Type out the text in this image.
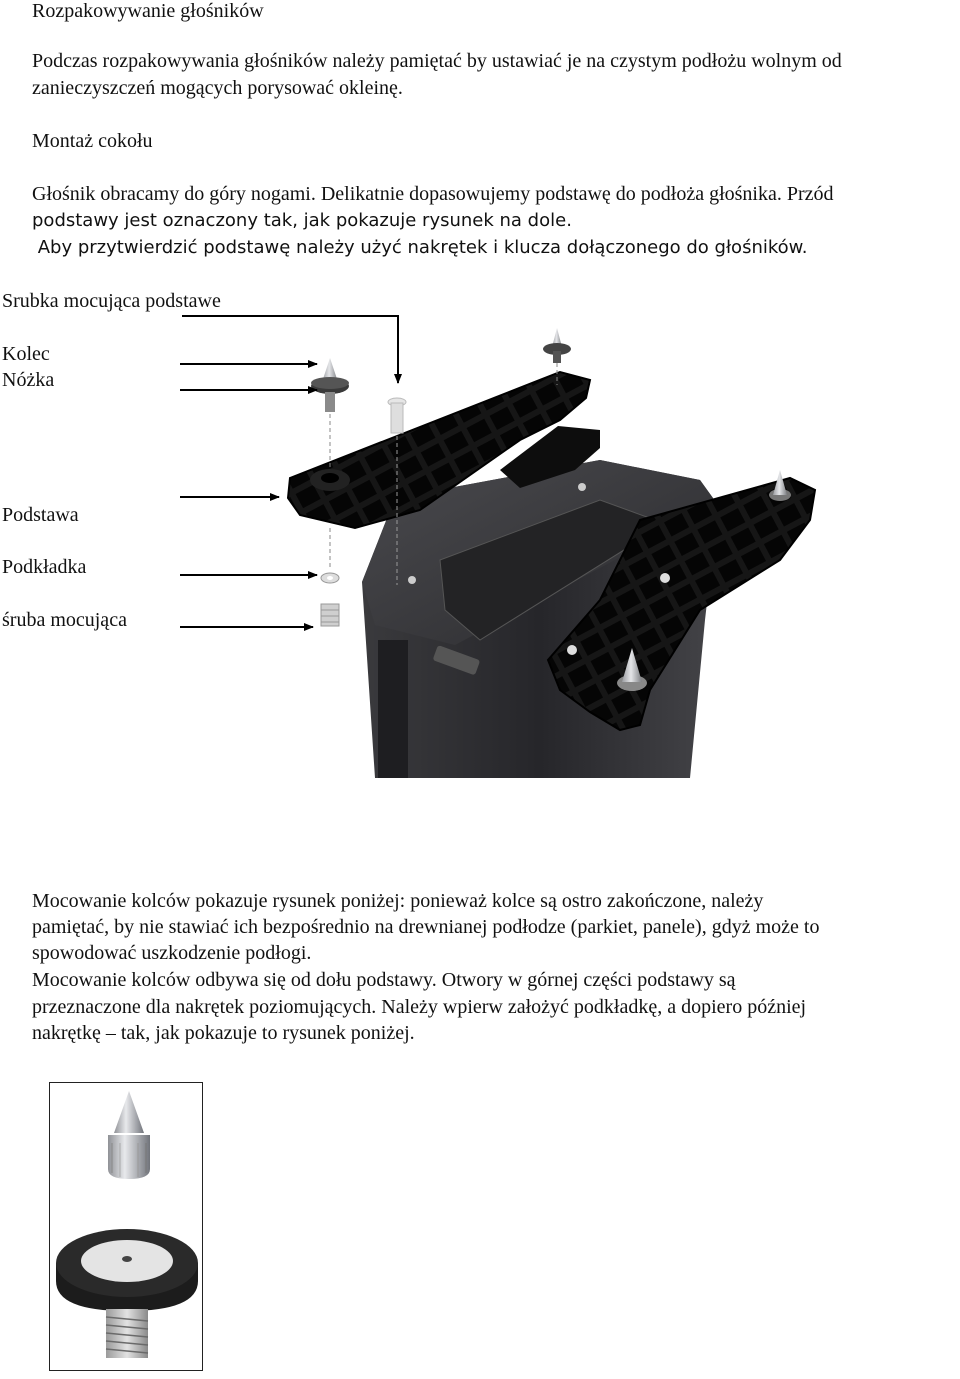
Rozpakowywanie głośników
Podczas rozpakowywania głośników należy pamiętać by ustawiać je na czystym podłożu wolnym od zanieczyszczeń mogących porysować okleinę.
Montaż cokołu
Głośnik obracamy do góry nogami. Delikatnie dopasowujemy podstawę do podłoża głośnika. Przód
podstawy jest oznaczony tak, jak pokazuje rysunek na dole.
Aby przytwierdzić podstawę należy użyć nakrętek i klucza dołączonego do głośników.
Srubka mocująca podstawe
Kolec
Nóżka
Podstawa
Podkładka
śruba mocująca
Mocowanie kolców pokazuje rysunek poniżej: ponieważ kolce są ostro zakończone, należy
pamiętać, by nie stawiać ich bezpośrednio na drewnianej podłodze (parkiet, panele), gdyż może to
spowodować uszkodzenie podłogi.
Mocowanie kolców odbywa się od dołu podstawy. Otwory w górnej części podstawy są
przeznaczone dla nakrętek poziomujących. Należy wpierw założyć podkładkę, a dopiero później
nakrętkę – tak, jak pokazuje to rysunek poniżej.
